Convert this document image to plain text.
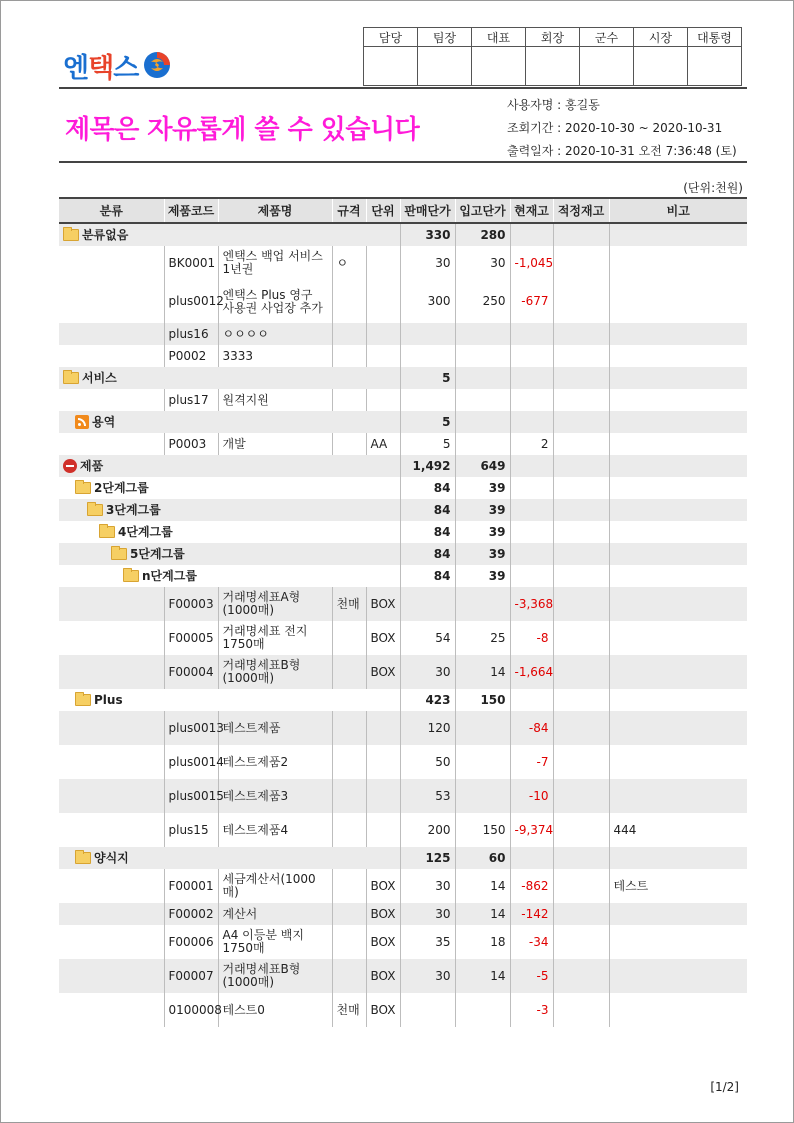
엔택스
담당	팀장	대표	회장	군수	시장	대통령

제목은 자유롭게 쓸 수 있습니다
사용자명 : 홍길동
조회기간 : 2020-10-30 ~ 2020-10-31
출력일자 : 2020-10-31 오전 7:36:48 (토)
(단위:천원)
분류	제품코드	제품명	규격	단위	판매단가	입고단가	현재고	적정재고	비고

분류없음					330	280			
	BK0001	엔택스 백업 서비스 1년권	ㅇ		30	30	-1,045		
	plus0012	엔택스 Plus 영구 사용권 사업장 추가			300	250	-677		
	plus16	ㅇㅇㅇㅇ							
	P0002	3333							

서비스					5				
	plus17	원격지원							

용역					5				
	P0003	개발		AA	5		2		

제품					1,492	649			

2단계그룹					84	39			

3단계그룹					84	39			

4단계그룹					84	39			

5단계그룹					84	39			

n단계그룹					84	39			
	F00003	거래명세표A형(1000매)	천매	BOX			-3,368		
	F00005	거래명세표 전지 1750매		BOX	54	25	-8		
	F00004	거래명세표B형(1000매)		BOX	30	14	-1,664		

Plus					423	150			
	plus0013	테스트제품			120		-84		
	plus0014	테스트제품2			50		-7		
	plus0015	테스트제품3			53		-10		
	plus15	테스트제품4			200	150	-9,374		444

양식지					125	60			
	F00001	세금계산서(1000매)		BOX	30	14	-862		테스트
	F00002	계산서		BOX	30	14	-142		
	F00006	A4 이등분 백지 1750매		BOX	35	18	-34		
	F00007	거래명세표B형(1000매)		BOX	30	14	-5		
	0100008	테스트0	천매	BOX			-3		
[1/2]
